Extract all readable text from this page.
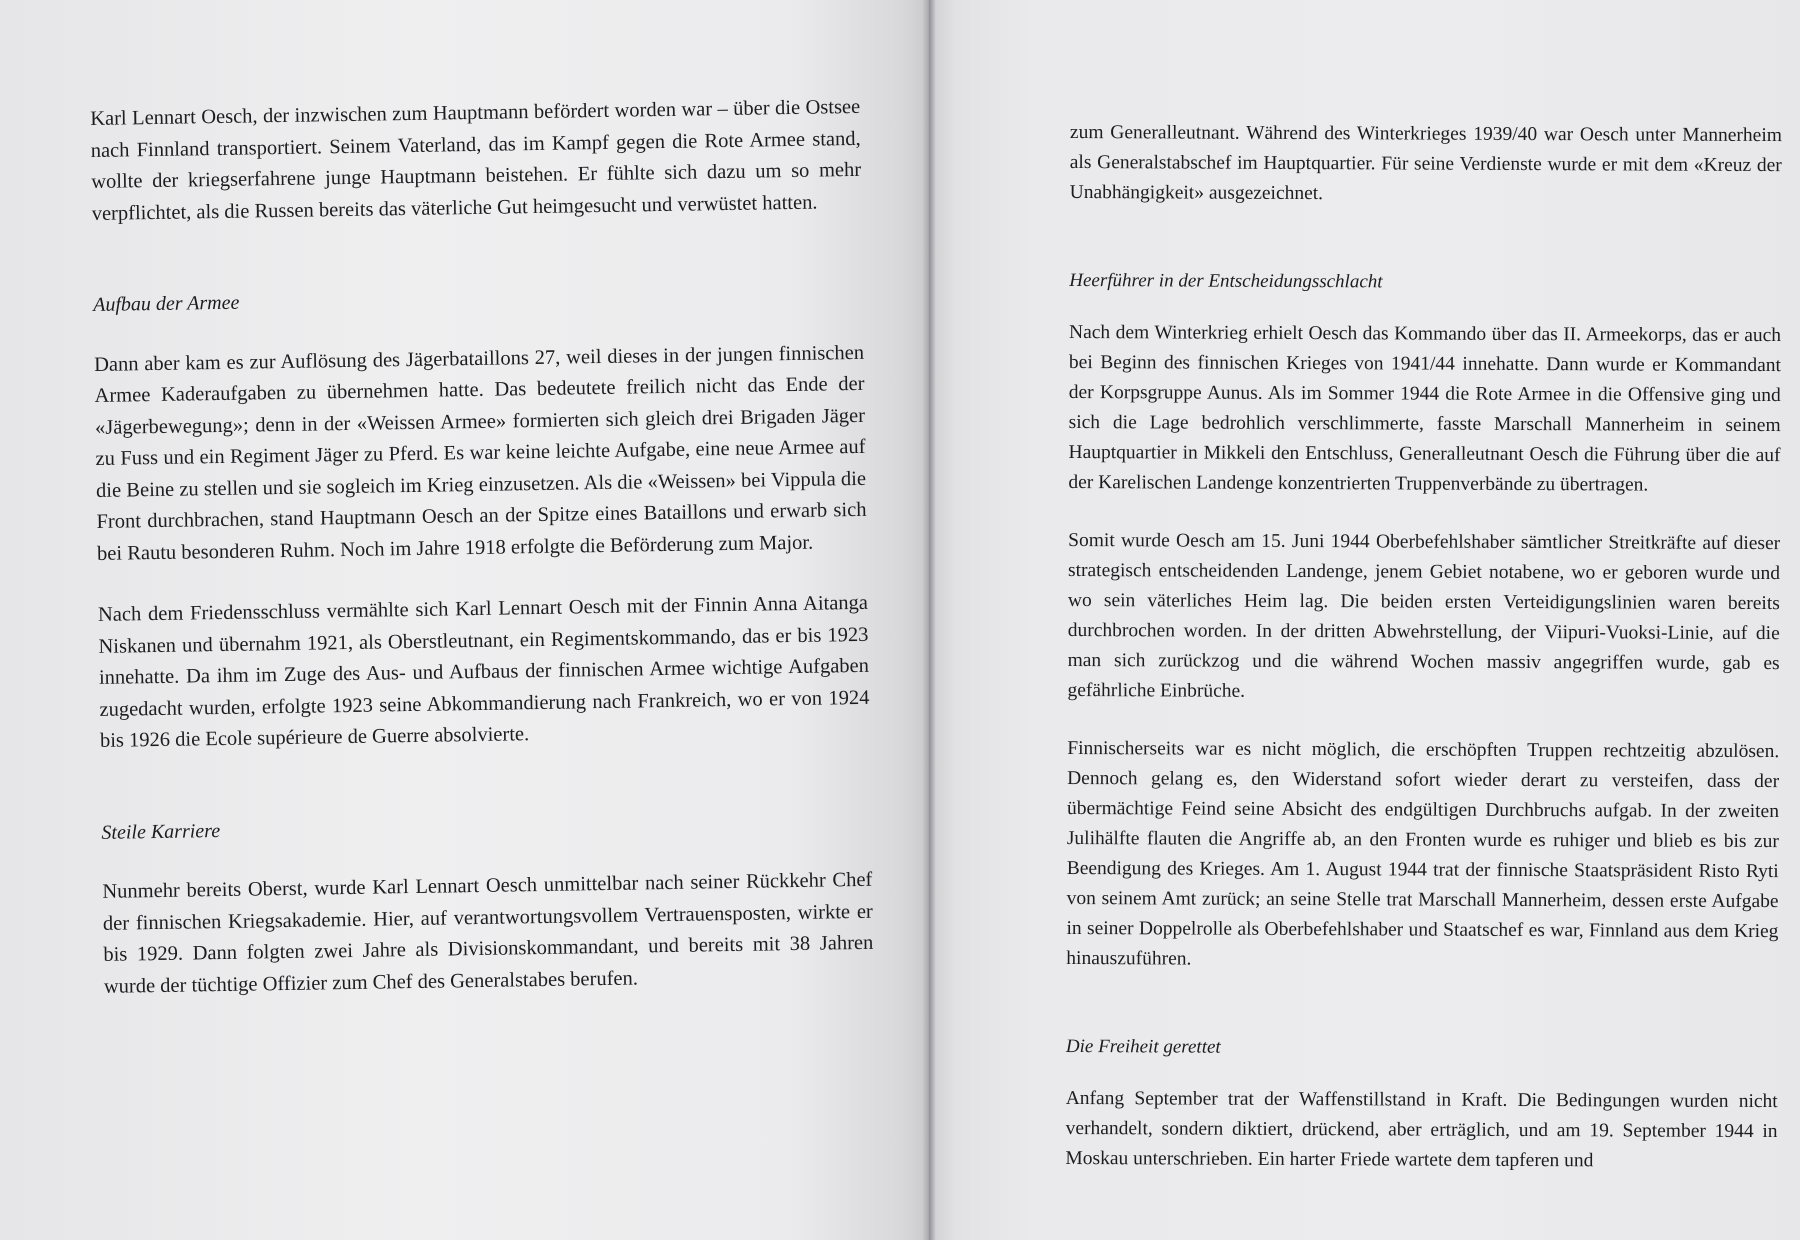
Karl Lennart Oesch, der inzwischen zum Hauptmann befördert worden war – über die Ostsee nach Finnland transportiert. Seinem Vaterland, das im Kampf gegen die Rote Armee stand, wollte der kriegserfahrene junge Hauptmann beistehen. Er fühlte sich dazu um so mehr verpflichtet, als die Russen bereits das väterliche Gut heimgesucht und verwüstet hatten.

Aufbau der Armee

Dann aber kam es zur Auflösung des Jägerbataillons 27, weil dieses in der jungen finnischen Armee Kaderaufgaben zu übernehmen hatte. Das bedeutete freilich nicht das Ende der «Jägerbewegung»; denn in der «Weissen Armee» formierten sich gleich drei Brigaden Jäger zu Fuss und ein Regiment Jäger zu Pferd. Es war keine leichte Aufgabe, eine neue Armee auf die Beine zu stellen und sie sogleich im Krieg einzusetzen. Als die «Weissen» bei Vippula die Front durchbrachen, stand Hauptmann Oesch an der Spitze eines Bataillons und erwarb sich bei Rautu besonderen Ruhm. Noch im Jahre 1918 erfolgte die Beförderung zum Major.

Nach dem Friedensschluss vermählte sich Karl Lennart Oesch mit der Finnin Anna Aitanga Niskanen und übernahm 1921, als Oberstleutnant, ein Regimentskommando, das er bis 1923 innehatte. Da ihm im Zuge des Aus- und Aufbaus der finnischen Armee wichtige Aufgaben zugedacht wurden, erfolgte 1923 seine Abkommandierung nach Frankreich, wo er von 1924 bis 1926 die Ecole supérieure de Guerre absolvierte.

Steile Karriere

Nunmehr bereits Oberst, wurde Karl Lennart Oesch unmittelbar nach seiner Rückkehr Chef der finnischen Kriegsakademie. Hier, auf verantwortungsvollem Vertrauensposten, wirkte er bis 1929. Dann folgten zwei Jahre als Divisionskommandant, und bereits mit 38 Jahren wurde der tüchtige Offizier zum Chef des Generalstabes berufen.

zum Generalleutnant. Während des Winterkrieges 1939/40 war Oesch unter Mannerheim als Generalstabschef im Hauptquartier. Für seine Verdienste wurde er mit dem «Kreuz der Unabhängigkeit» ausgezeichnet.

Heerführer in der Entscheidungsschlacht

Nach dem Winterkrieg erhielt Oesch das Kommando über das II. Armeekorps, das er auch bei Beginn des finnischen Krieges von 1941/44 innehatte. Dann wurde er Kommandant der Korpsgruppe Aunus. Als im Sommer 1944 die Rote Armee in die Offensive ging und sich die Lage bedrohlich verschlimmerte, fasste Marschall Mannerheim in seinem Hauptquartier in Mikkeli den Entschluss, Generalleutnant Oesch die Führung über die auf der Karelischen Landenge konzentrierten Truppenverbände zu übertragen.

Somit wurde Oesch am 15. Juni 1944 Oberbefehlshaber sämtlicher Streitkräfte auf dieser strategisch entscheidenden Landenge, jenem Gebiet notabene, wo er geboren wurde und wo sein väterliches Heim lag. Die beiden ersten Verteidigungslinien waren bereits durchbrochen worden. In der dritten Abwehrstellung, der Viipuri-Vuoksi-Linie, auf die man sich zurückzog und die während Wochen massiv angegriffen wurde, gab es gefährliche Einbrüche.

Finnischerseits war es nicht möglich, die erschöpften Truppen rechtzeitig abzulösen. Dennoch gelang es, den Widerstand sofort wieder derart zu versteifen, dass der übermächtige Feind seine Absicht des endgültigen Durchbruchs aufgab. In der zweiten Julihälfte flauten die Angriffe ab, an den Fronten wurde es ruhiger und blieb es bis zur Beendigung des Krieges. Am 1. August 1944 trat der finnische Staatspräsident Risto Ryti von seinem Amt zurück; an seine Stelle trat Marschall Mannerheim, dessen erste Aufgabe in seiner Doppelrolle als Oberbefehlshaber und Staatschef es war, Finnland aus dem Krieg hinauszuführen.

Die Freiheit gerettet

Anfang September trat der Waffenstillstand in Kraft. Die Bedingungen wurden nicht verhandelt, sondern diktiert, drückend, aber erträglich, und am 19. September 1944 in Moskau unterschrieben. Ein harter Friede wartete dem tapferen und
